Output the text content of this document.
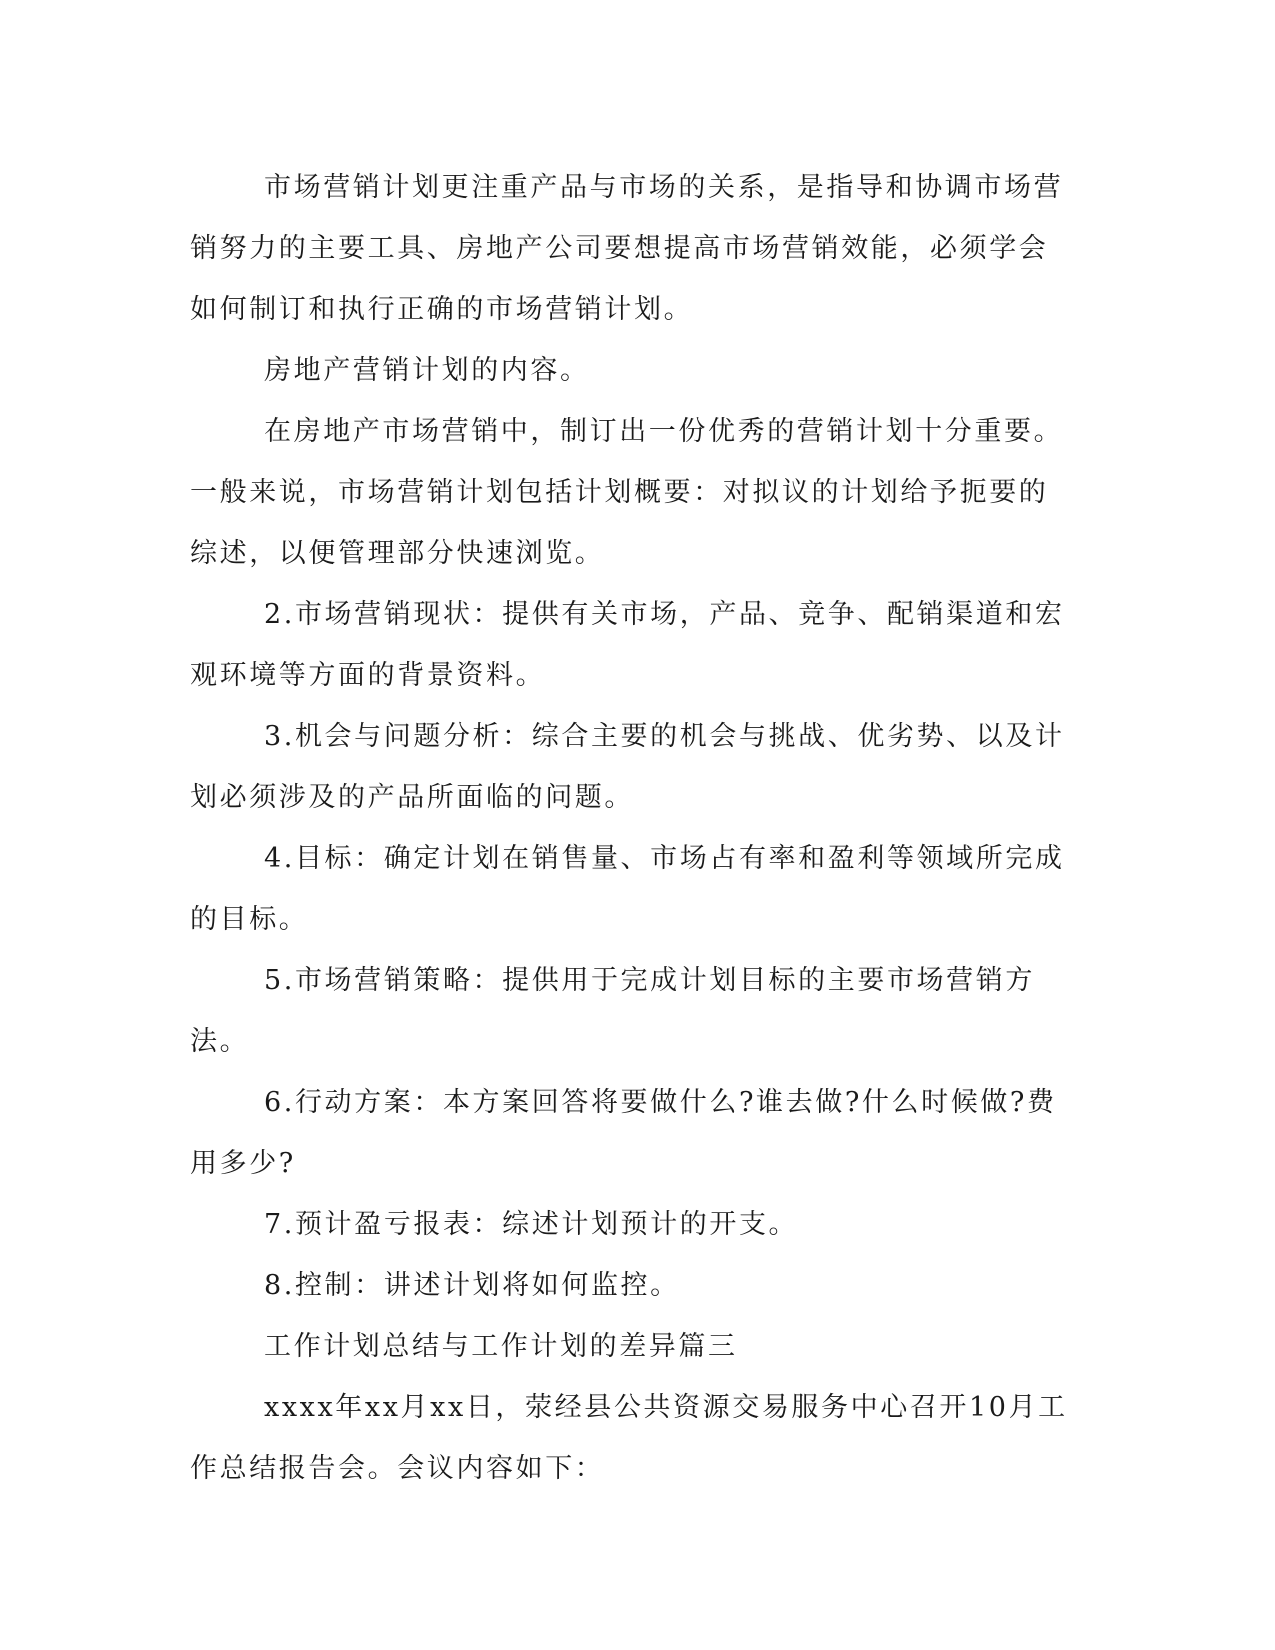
市场营销计划更注重产品与市场的关系，是指导和协调市场营销努力的主要工具、房地产公司要想提高市场营销效能，必须学会如何制订和执行正确的市场营销计划。

房地产营销计划的内容。

在房地产市场营销中，制订出一份优秀的营销计划十分重要。一般来说，市场营销计划包括计划概要：对拟议的计划给予扼要的综述，以便管理部分快速浏览。

2.市场营销现状：提供有关市场，产品、竞争、配销渠道和宏观环境等方面的背景资料。

3.机会与问题分析：综合主要的机会与挑战、优劣势、以及计划必须涉及的产品所面临的问题。

4.目标：确定计划在销售量、市场占有率和盈利等领域所完成的目标。

5.市场营销策略：提供用于完成计划目标的主要市场营销方法。

6.行动方案：本方案回答将要做什么?谁去做?什么时候做?费用多少?

7.预计盈亏报表：综述计划预计的开支。

8.控制：讲述计划将如何监控。

工作计划总结与工作计划的差异篇三

xxxx年xx月xx日，荥经县公共资源交易服务中心召开10月工作总结报告会。会议内容如下：
